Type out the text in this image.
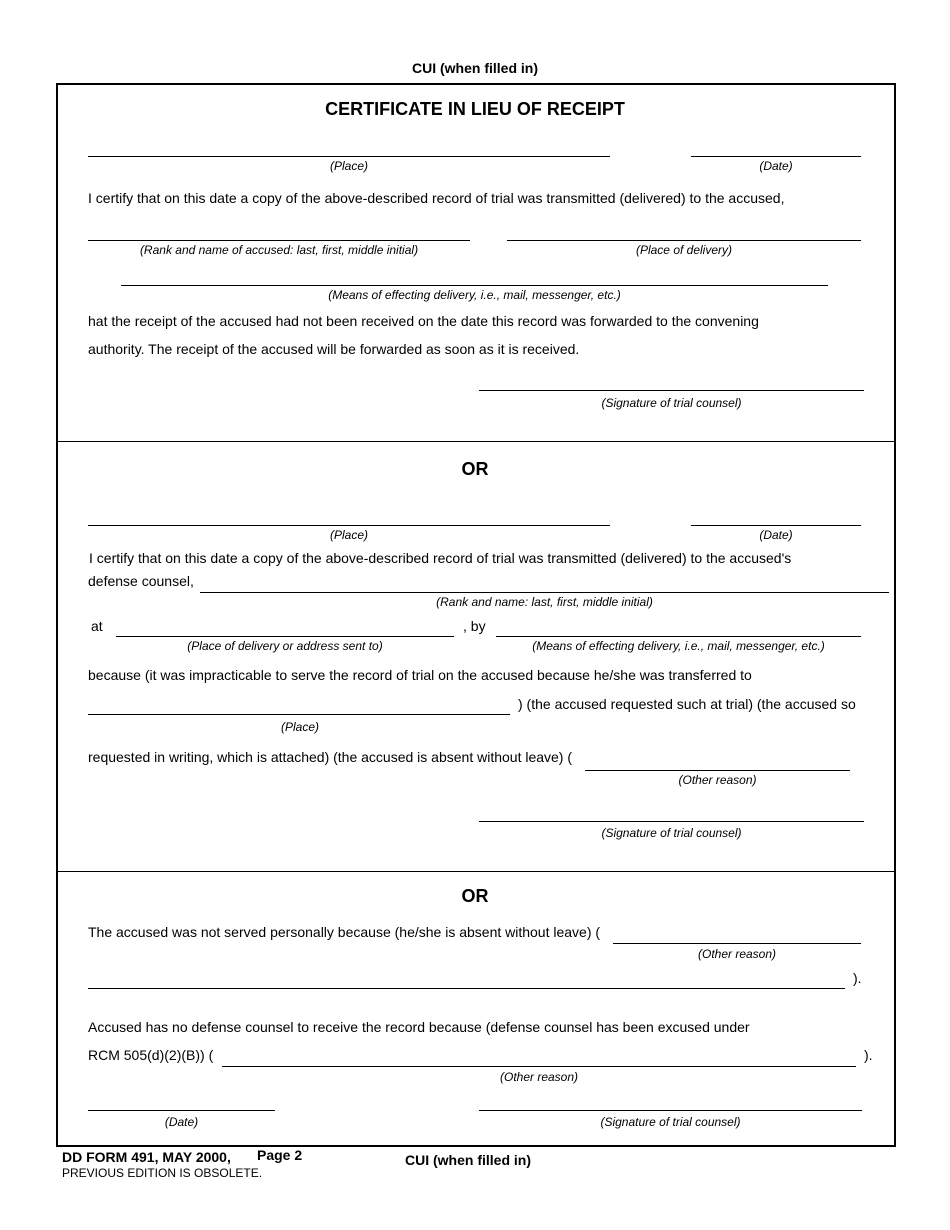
CUI (when filled in)
CERTIFICATE IN LIEU OF RECEIPT
(Place)	(Date)
I certify that on this date a copy of the above-described record of trial was transmitted (delivered) to the accused,
(Rank and name of accused: last, first, middle initial)	(Place of delivery)
(Means of effecting delivery, i.e., mail, messenger, etc.)
hat the receipt of the accused had not been received on the date this record was forwarded to the convening
authority. The receipt of the accused will be forwarded as soon as it is received.
(Signature of trial counsel)
OR
(Place)	(Date)
I certify that on this date a copy of the above-described record of trial was transmitted (delivered) to the accused's
defense counsel,
(Rank and name: last, first, middle initial)
at
(Place of delivery or address sent to)
, by
(Means of effecting delivery, i.e., mail, messenger, etc.)
because (it was impracticable to serve the record of trial on the accused because he/she was transferred to
) (the accused requested such at trial) (the accused so
(Place)
requested in writing, which is attached) (the accused is absent without leave) (
(Other reason)
(Signature of trial counsel)
OR
The accused was not served personally because (he/she is absent without leave) (
(Other reason)
).
Accused has no defense counsel to receive the record because (defense counsel has been excused under
RCM 505(d)(2)(B)) (	).
(Other reason)
(Date)	(Signature of trial counsel)
DD FORM 491, MAY 2000, Page 2
PREVIOUS EDITION IS OBSOLETE.
CUI (when filled in)
